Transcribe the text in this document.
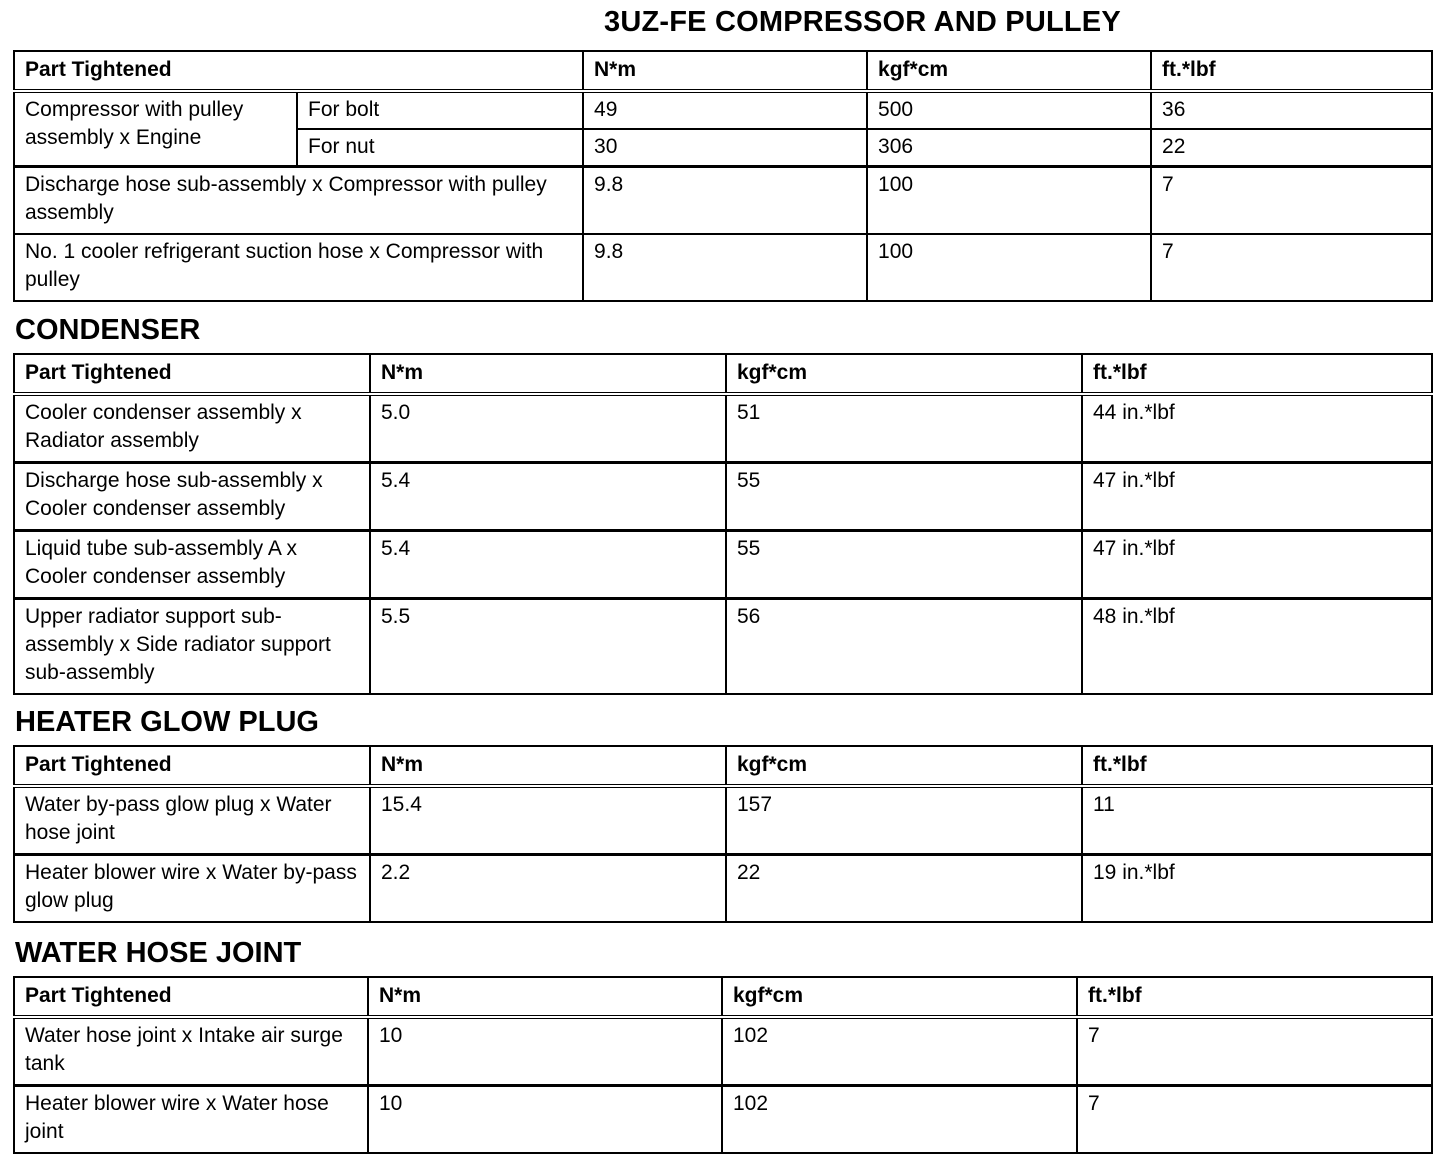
3UZ-FE COMPRESSOR AND PULLEY
Part Tightened		N*m	kgf*cm	ft.*lbf
Compressor with pulley assembly x Engine	For bolt	49	500	36
	For nut	30	306	22
Discharge hose sub-assembly x Compressor with pulley assembly		9.8	100	7
No. 1 cooler refrigerant suction hose x Compressor with pulley		9.8	100	7
CONDENSER
Part Tightened	N*m	kgf*cm	ft.*lbf
Cooler condenser assembly x Radiator assembly	5.0	51	44 in.*lbf
Discharge hose sub-assembly x Cooler condenser assembly	5.4	55	47 in.*lbf
Liquid tube sub-assembly A x Cooler condenser assembly	5.4	55	47 in.*lbf
Upper radiator support sub-assembly x Side radiator support sub-assembly	5.5	56	48 in.*lbf
HEATER GLOW PLUG
Part Tightened	N*m	kgf*cm	ft.*lbf
Water by-pass glow plug x Water hose joint	15.4	157	11
Heater blower wire x Water by-pass glow plug	2.2	22	19 in.*lbf
WATER HOSE JOINT
Part Tightened	N*m	kgf*cm	ft.*lbf
Water hose joint x Intake air surge tank	10	102	7
Heater blower wire x Water hose joint	10	102	7
